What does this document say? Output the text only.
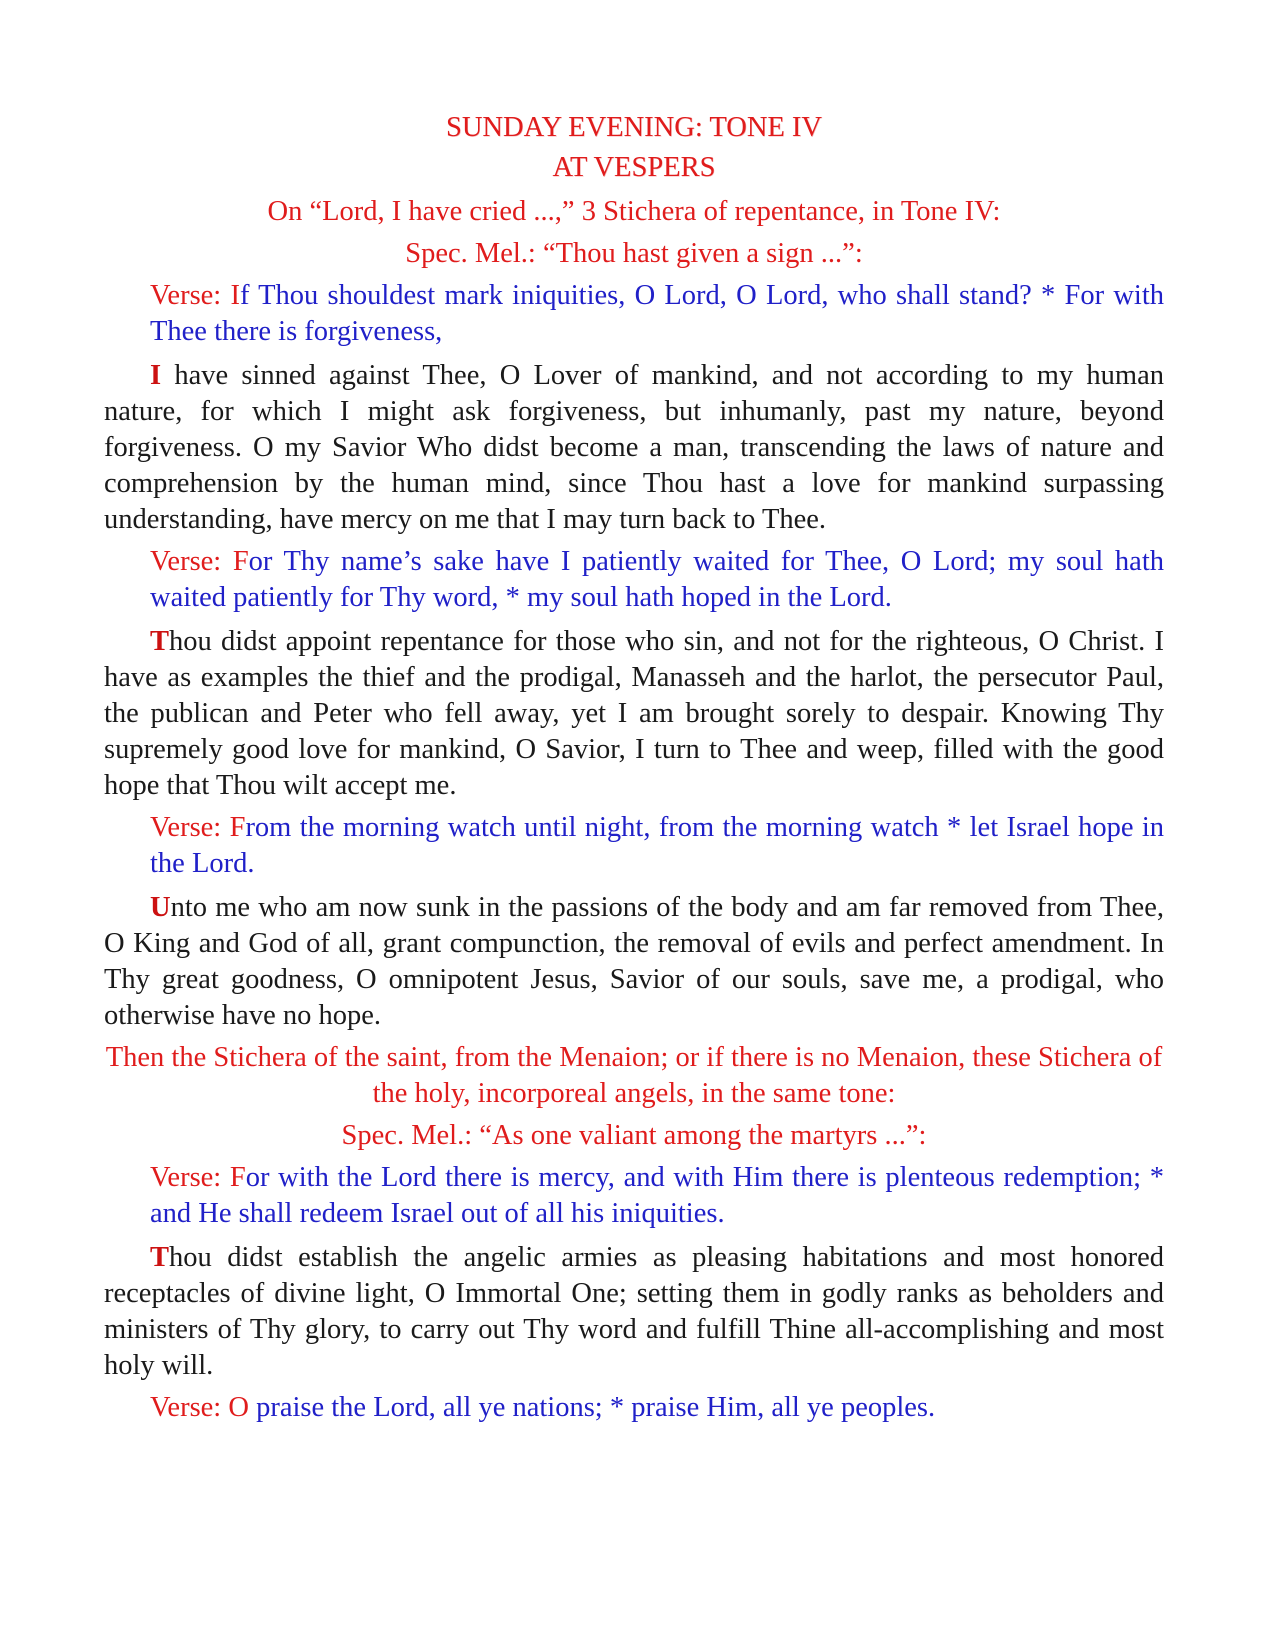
SUNDAY EVENING: TONE IV

AT VESPERS

On “Lord, I have cried ...,” 3 Stichera of repentance, in Tone IV:

Spec. Mel.: “Thou hast given a sign ...”:

Verse: If Thou shouldest mark iniquities, O Lord, O Lord, who shall stand? * For with Thee there is forgiveness,

I have sinned against Thee, O Lover of mankind, and not according to my human nature, for which I might ask forgiveness, but inhumanly, past my nature, beyond forgiveness. O my Savior Who didst become a man, transcending the laws of nature and comprehension by the human mind, since Thou hast a love for mankind surpassing understanding, have mercy on me that I may turn back to Thee.

Verse: For Thy name’s sake have I patiently waited for Thee, O Lord; my soul hath waited patiently for Thy word, * my soul hath hoped in the Lord.

Thou didst appoint repentance for those who sin, and not for the righteous, O Christ. I have as examples the thief and the prodigal, Manasseh and the harlot, the persecutor Paul, the publican and Peter who fell away, yet I am brought sorely to despair. Knowing Thy supremely good love for mankind, O Savior, I turn to Thee and weep, filled with the good hope that Thou wilt accept me.

Verse: From the morning watch until night, from the morning watch * let Israel hope in the Lord.

Unto me who am now sunk in the passions of the body and am far removed from Thee, O King and God of all, grant compunction, the removal of evils and perfect amendment. In Thy great goodness, O omnipotent Jesus, Savior of our souls, save me, a prodigal, who otherwise have no hope.

Then the Stichera of the saint, from the Menaion; or if there is no Menaion, these Stichera of the holy, incorporeal angels, in the same tone:

Spec. Mel.: “As one valiant among the martyrs ...”:

Verse: For with the Lord there is mercy, and with Him there is plenteous redemption; * and He shall redeem Israel out of all his iniquities.

Thou didst establish the angelic armies as pleasing habitations and most honored receptacles of divine light, O Immortal One; setting them in godly ranks as beholders and ministers of Thy glory, to carry out Thy word and fulfill Thine all-accomplishing and most holy will.

Verse: O praise the Lord, all ye nations; * praise Him, all ye peoples.
